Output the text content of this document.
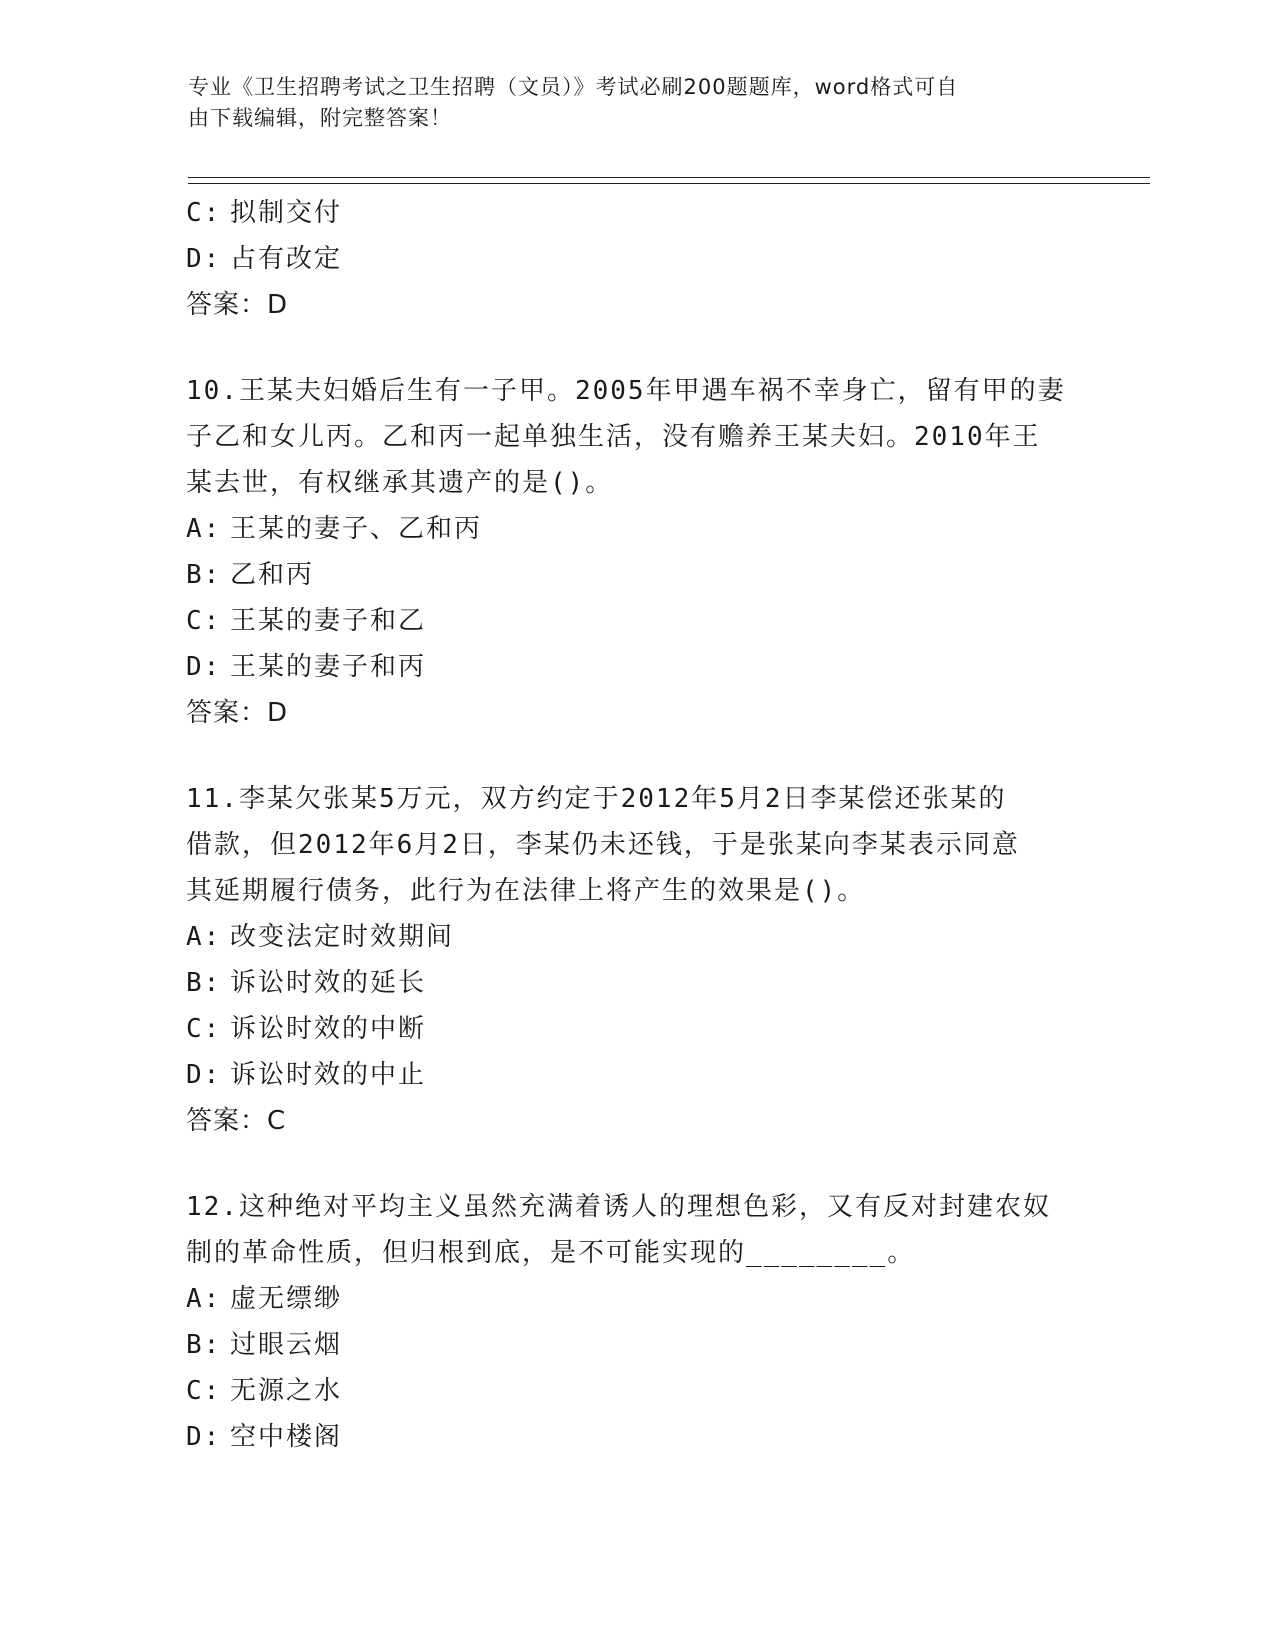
专业《卫生招聘考试之卫生招聘（文员）》考试必刷200题题库，word格式可自
由下载编辑，附完整答案！
C: 拟制交付
D: 占有改定
答案：D
10.王某夫妇婚后生有一子甲。2005年甲遇车祸不幸身亡，留有甲的妻
子乙和女儿丙。乙和丙一起单独生活，没有赡养王某夫妇。2010年王
某去世，有权继承其遗产的是()。
A: 王某的妻子、乙和丙
B: 乙和丙
C: 王某的妻子和乙
D: 王某的妻子和丙
答案：D
11.李某欠张某5万元，双方约定于2012年5月2日李某偿还张某的
借款，但2012年6月2日，李某仍未还钱，于是张某向李某表示同意
其延期履行债务，此行为在法律上将产生的效果是()。
A: 改变法定时效期间
B: 诉讼时效的延长
C: 诉讼时效的中断
D: 诉讼时效的中止
答案：C
12.这种绝对平均主义虽然充满着诱人的理想色彩，又有反对封建农奴
制的革命性质，但归根到底，是不可能实现的________。
A: 虚无缥缈
B: 过眼云烟
C: 无源之水
D: 空中楼阁
